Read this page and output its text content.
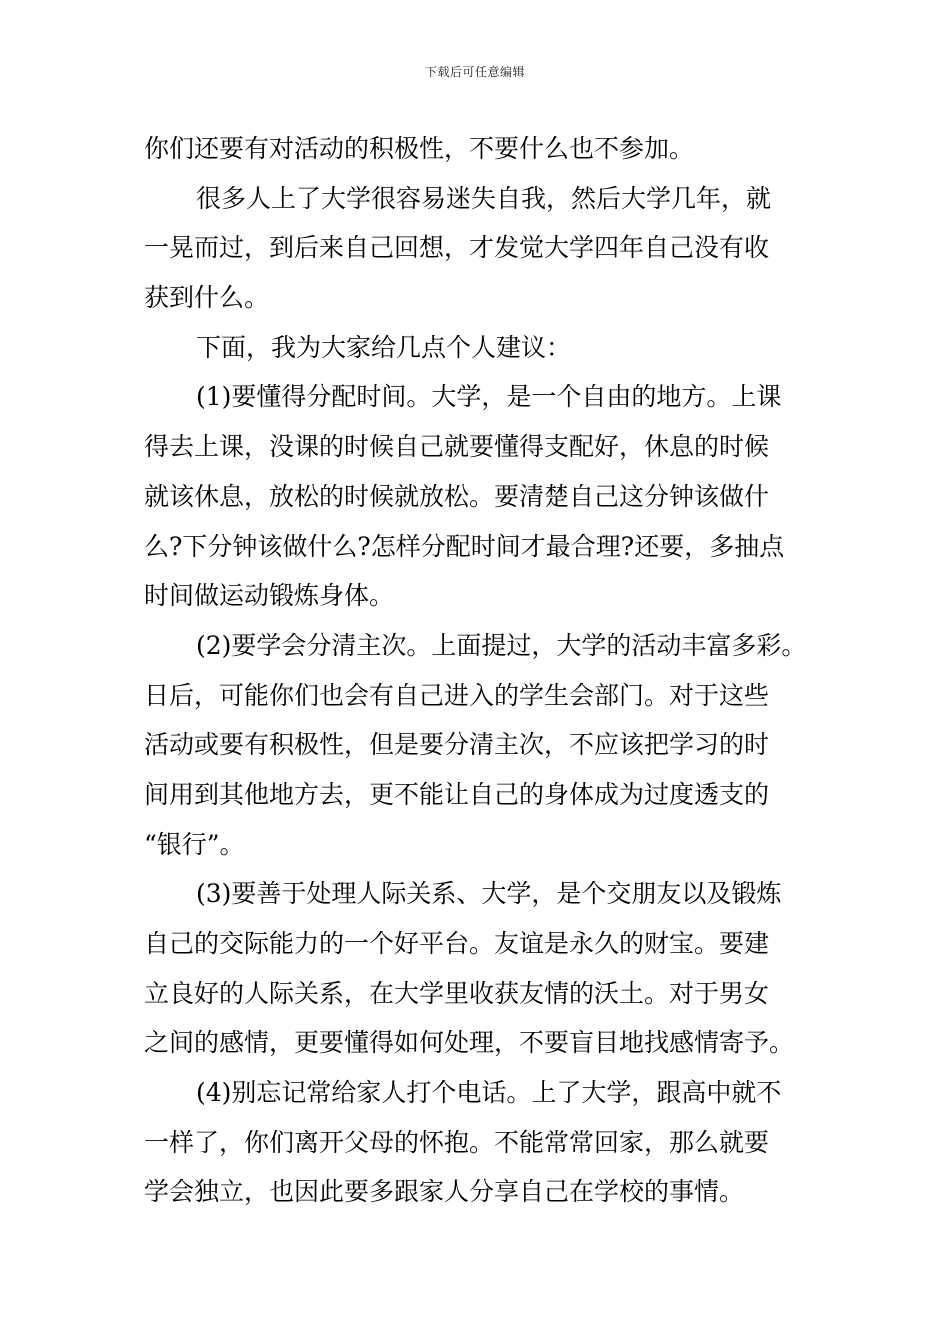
下载后可任意编辑
你们还要有对活动的积极性，不要什么也不参加。
很多人上了大学很容易迷失自我，然后大学几年，就
一晃而过，到后来自己回想，才发觉大学四年自己没有收
获到什么。
下面，我为大家给几点个人建议：
(1)要懂得分配时间。大学，是一个自由的地方。上课
得去上课，没课的时候自己就要懂得支配好，休息的时候
就该休息，放松的时候就放松。要清楚自己这分钟该做什
么?下分钟该做什么?怎样分配时间才最合理?还要，多抽点
时间做运动锻炼身体。
(2)要学会分清主次。上面提过，大学的活动丰富多彩。
日后，可能你们也会有自己进入的学生会部门。对于这些
活动或要有积极性，但是要分清主次，不应该把学习的时
间用到其他地方去，更不能让自己的身体成为过度透支的
“银行”。
(3)要善于处理人际关系、大学，是个交朋友以及锻炼
自己的交际能力的一个好平台。友谊是永久的财宝。要建
立良好的人际关系，在大学里收获友情的沃土。对于男女
之间的感情，更要懂得如何处理，不要盲目地找感情寄予。
(4)别忘记常给家人打个电话。上了大学，跟高中就不
一样了，你们离开父母的怀抱。不能常常回家，那么就要
学会独立，也因此要多跟家人分享自己在学校的事情。
